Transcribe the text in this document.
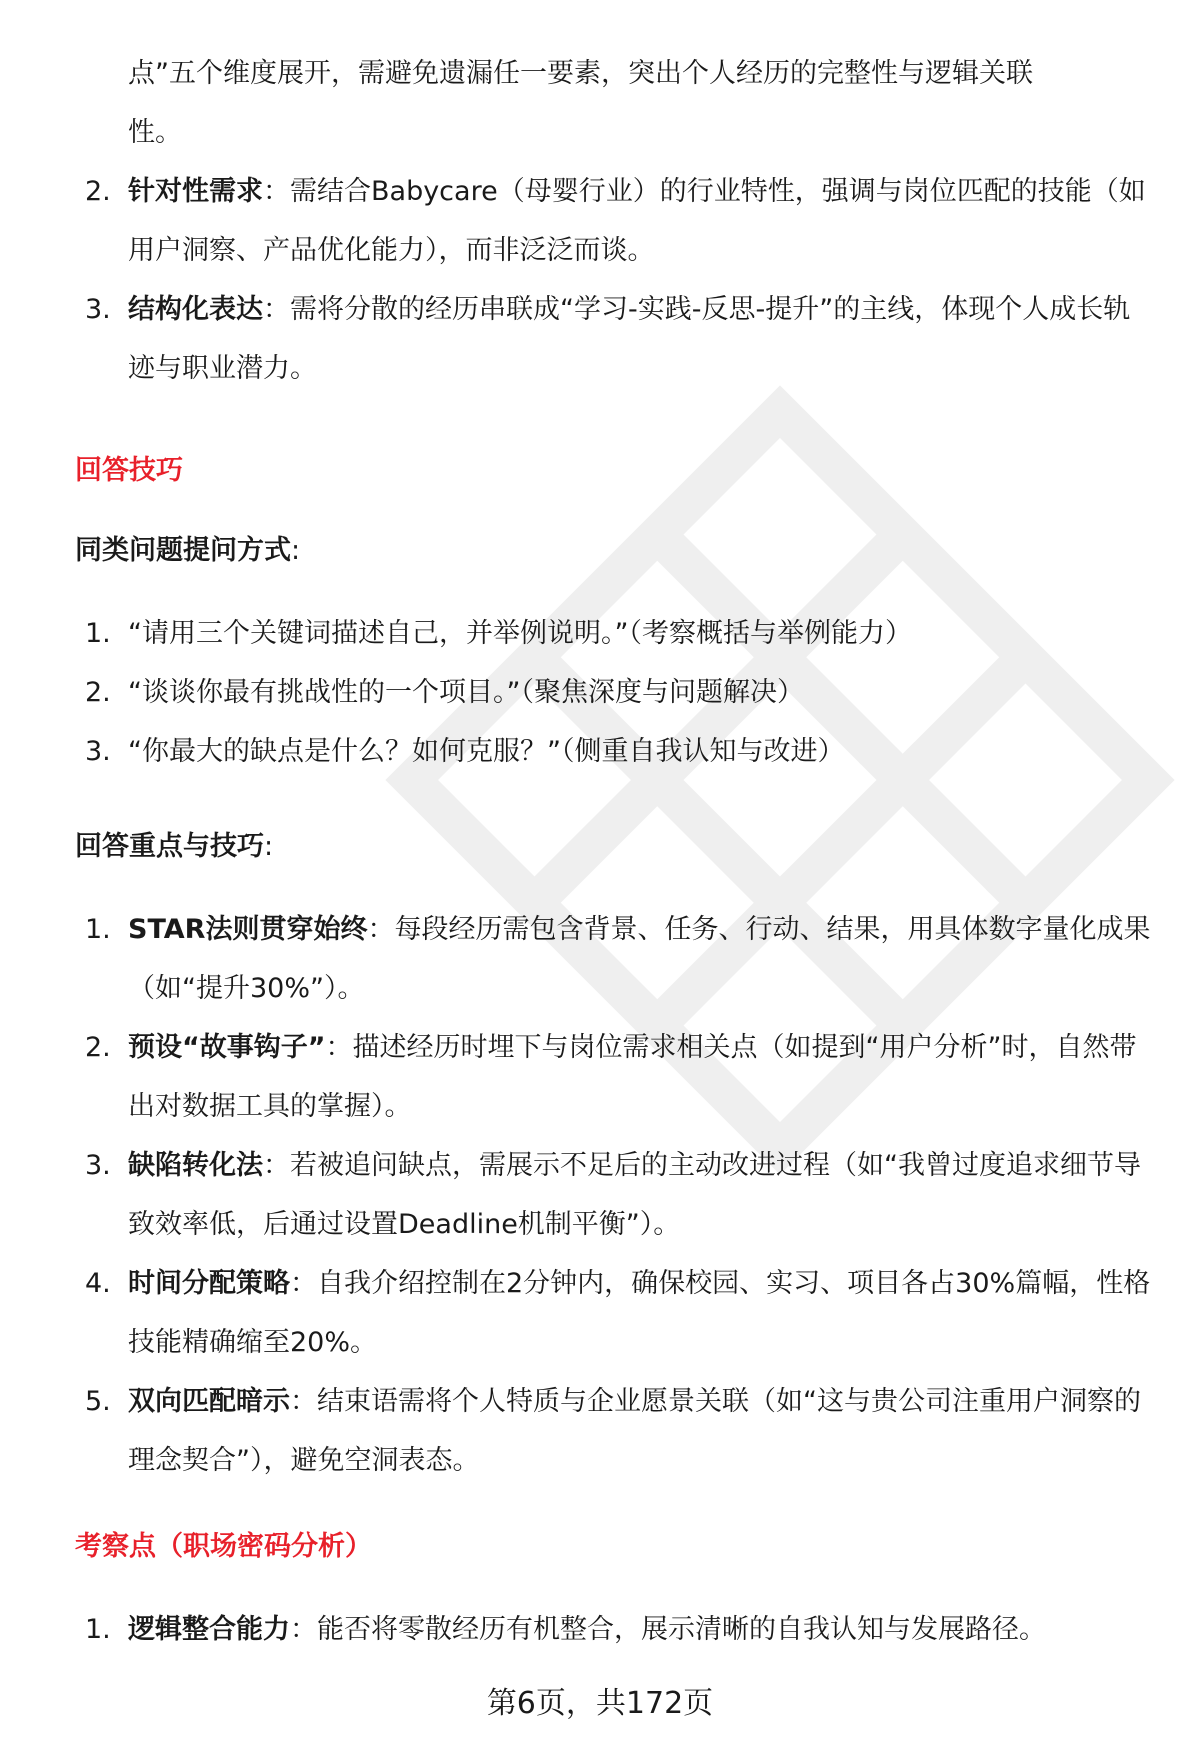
点”五个维度展开，需避免遗漏任一要素，突出个人经历的完整性与逻辑关联
性。
2. 针对性需求：需结合Babycare（母婴行业）的行业特性，强调与岗位匹配的技能（如用户洞察、产品优化能力），而非泛泛而谈。
3. 结构化表达：需将分散的经历串联成“学习-实践-反思-提升”的主线，体现个人成长轨迹与职业潜力。
回答技巧
同类问题提问方式:
1. “请用三个关键词描述自己，并举例说明。”（考察概括与举例能力）
2. “谈谈你最有挑战性的一个项目。”（聚焦深度与问题解决）
3. “你最大的缺点是什么？如何克服？”（侧重自我认知与改进）
回答重点与技巧:
1. STAR法则贯穿始终：每段经历需包含背景、任务、行动、结果，用具体数字量化成果（如“提升30%”）。
2. 预设“故事钩子”：描述经历时埋下与岗位需求相关点（如提到“用户分析”时，自然带出对数据工具的掌握）。
3. 缺陷转化法：若被追问缺点，需展示不足后的主动改进过程（如“我曾过度追求细节导致效率低，后通过设置Deadline机制平衡”）。
4. 时间分配策略：自我介绍控制在2分钟内，确保校园、实习、项目各占30%篇幅，性格技能精确缩至20%。
5. 双向匹配暗示：结束语需将个人特质与企业愿景关联（如“这与贵公司注重用户洞察的理念契合”），避免空洞表态。
考察点（职场密码分析）
1. 逻辑整合能力：能否将零散经历有机整合，展示清晰的自我认知与发展路径。
第6页，共172页
